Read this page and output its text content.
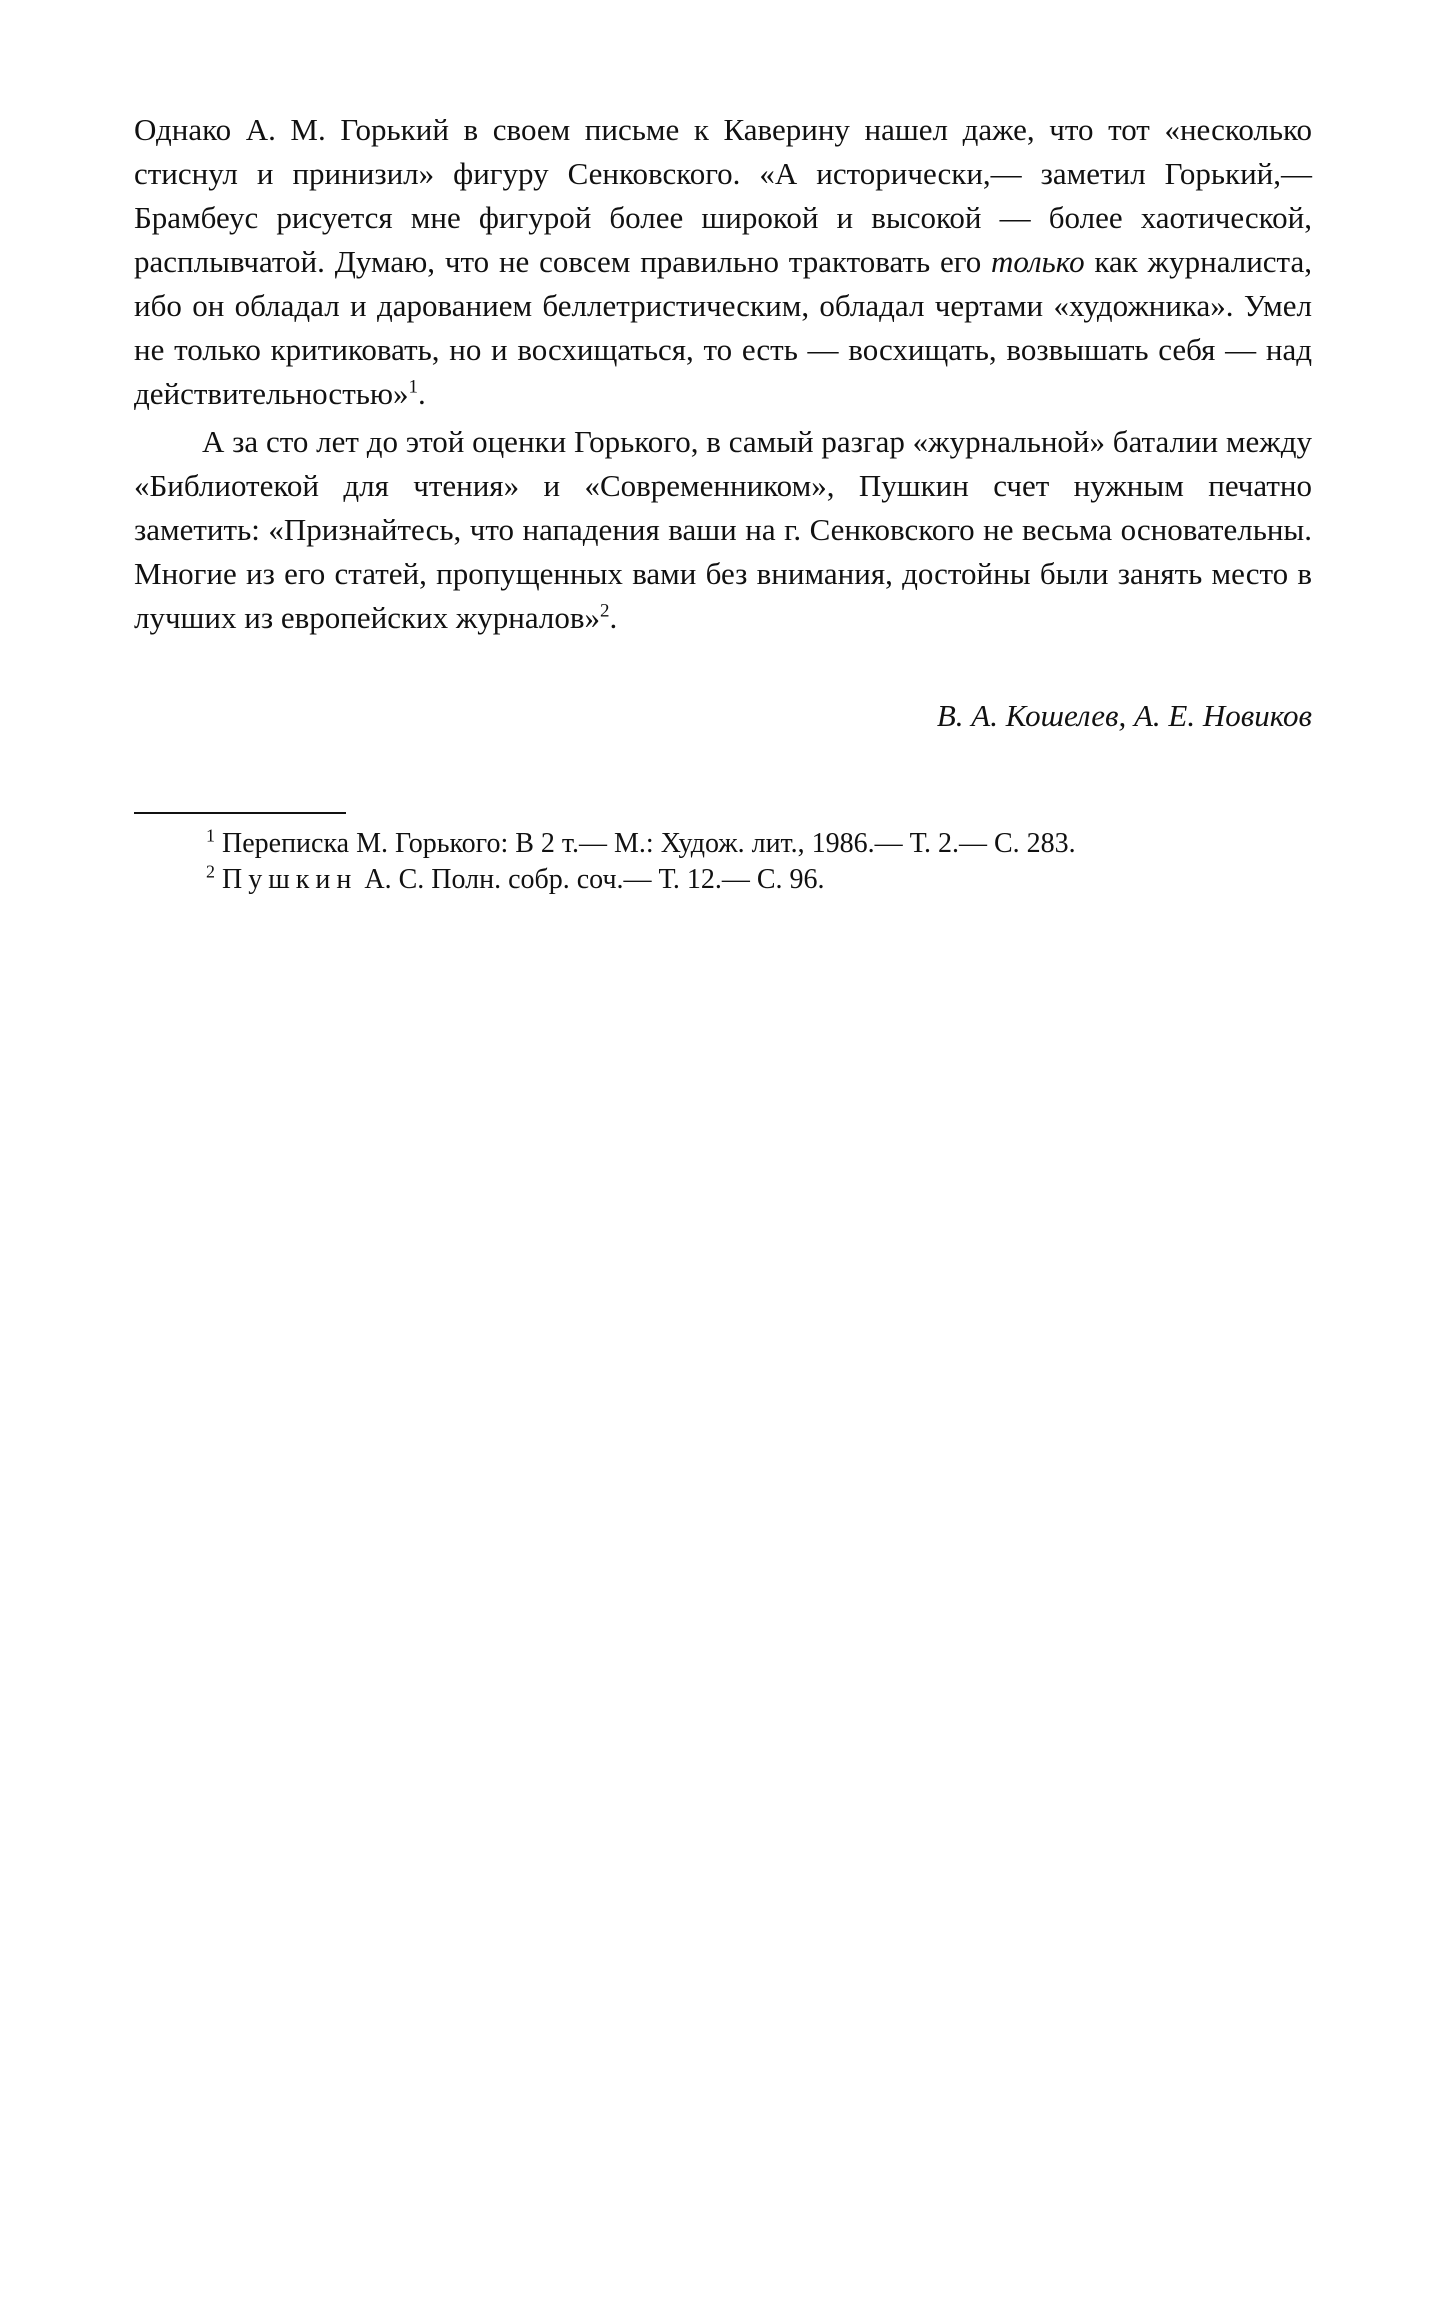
Однако А. М. Горький в своем письме к Каверину нашел даже, что тот «несколько стиснул и принизил» фигуру Сенковского. «А исторически,— заметил Горький,— Брамбеус рисуется мне фигурой более широкой и высокой — более хаотической, расплывчатой. Думаю, что не совсем правильно трактовать его только как журналиста, ибо он обладал и дарованием беллетристическим, обладал чертами «художника». Умел не только критиковать, но и восхищаться, то есть — восхищать, возвышать себя — над действительностью»$^1$.

А за сто лет до этой оценки Горького, в самый разгар «журнальной» баталии между «Библиотекой для чтения» и «Современником», Пушкин счет нужным печатно заметить: «Признайтесь, что нападения ваши на г. Сенковского не весьма основательны. Многие из его статей, пропущенных вами без внимания, достойны были занять место в лучших из европейских журналов»$^2$.

В. А. Кошелев, А. Е. Новиков

$^1$ Переписка М. Горького: В 2 т.— М.: Худож. лит., 1986.— Т. 2.— С. 283.

$^2$ Пушкин А. С. Полн. собр. соч.— Т. 12.— С. 96.
